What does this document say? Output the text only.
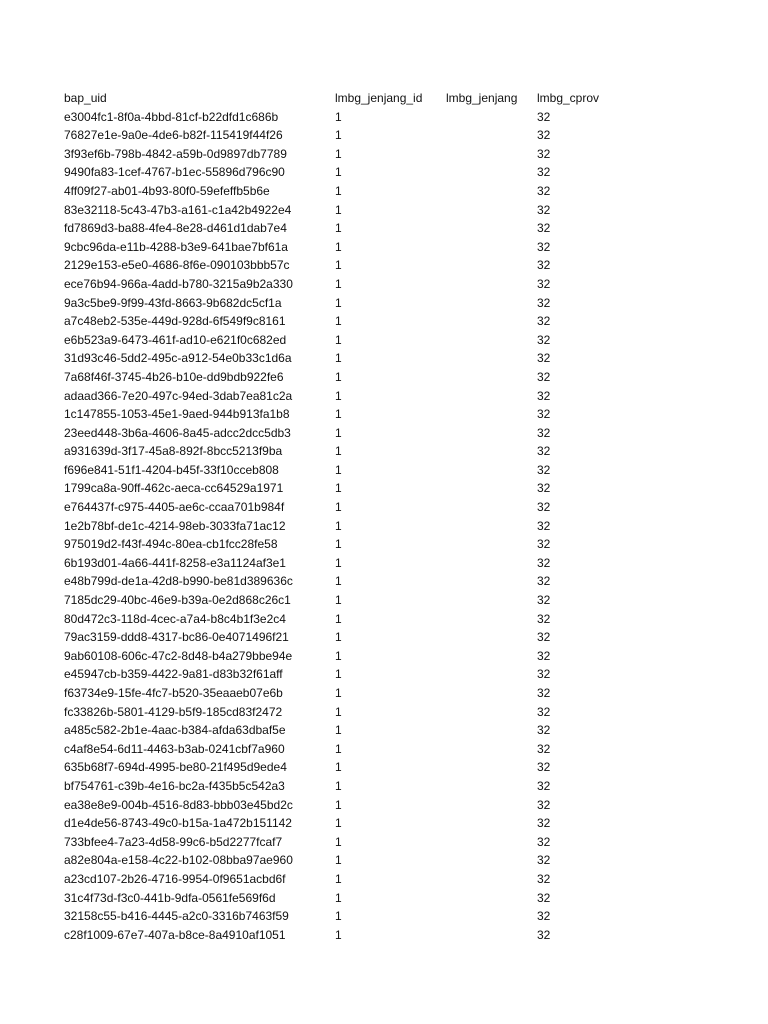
bap_uid	lmbg_jenjang_id	lmbg_jenjang	lmbg_cprov
e3004fc1-8f0a-4bbd-81cf-b22dfd1c686b	1		32
76827e1e-9a0e-4de6-b82f-115419f44f26	1		32
3f93ef6b-798b-4842-a59b-0d9897db7789	1		32
9490fa83-1cef-4767-b1ec-55896d796c90	1		32
4ff09f27-ab01-4b93-80f0-59efeffb5b6e	1		32
83e32118-5c43-47b3-a161-c1a42b4922e4	1		32
fd7869d3-ba88-4fe4-8e28-d461d1dab7e4	1		32
9cbc96da-e11b-4288-b3e9-641bae7bf61a	1		32
2129e153-e5e0-4686-8f6e-090103bbb57c	1		32
ece76b94-966a-4add-b780-3215a9b2a330	1		32
9a3c5be9-9f99-43fd-8663-9b682dc5cf1a	1		32
a7c48eb2-535e-449d-928d-6f549f9c8161	1		32
e6b523a9-6473-461f-ad10-e621f0c682ed	1		32
31d93c46-5dd2-495c-a912-54e0b33c1d6a	1		32
7a68f46f-3745-4b26-b10e-dd9bdb922fe6	1		32
adaad366-7e20-497c-94ed-3dab7ea81c2a	1		32
1c147855-1053-45e1-9aed-944b913fa1b8	1		32
23eed448-3b6a-4606-8a45-adcc2dcc5db3	1		32
a931639d-3f17-45a8-892f-8bcc5213f9ba	1		32
f696e841-51f1-4204-b45f-33f10cceb808	1		32
1799ca8a-90ff-462c-aeca-cc64529a1971	1		32
e764437f-c975-4405-ae6c-ccaa701b984f	1		32
1e2b78bf-de1c-4214-98eb-3033fa71ac12	1		32
975019d2-f43f-494c-80ea-cb1fcc28fe58	1		32
6b193d01-4a66-441f-8258-e3a1124af3e1	1		32
e48b799d-de1a-42d8-b990-be81d389636c	1		32
7185dc29-40bc-46e9-b39a-0e2d868c26c1	1		32
80d472c3-118d-4cec-a7a4-b8c4b1f3e2c4	1		32
79ac3159-ddd8-4317-bc86-0e4071496f21	1		32
9ab60108-606c-47c2-8d48-b4a279bbe94e	1		32
e45947cb-b359-4422-9a81-d83b32f61aff	1		32
f63734e9-15fe-4fc7-b520-35eaaeb07e6b	1		32
fc33826b-5801-4129-b5f9-185cd83f2472	1		32
a485c582-2b1e-4aac-b384-afda63dbaf5e	1		32
c4af8e54-6d11-4463-b3ab-0241cbf7a960	1		32
635b68f7-694d-4995-be80-21f495d9ede4	1		32
bf754761-c39b-4e16-bc2a-f435b5c542a3	1		32
ea38e8e9-004b-4516-8d83-bbb03e45bd2c	1		32
d1e4de56-8743-49c0-b15a-1a472b151142	1		32
733bfee4-7a23-4d58-99c6-b5d2277fcaf7	1		32
a82e804a-e158-4c22-b102-08bba97ae960	1		32
a23cd107-2b26-4716-9954-0f9651acbd6f	1		32
31c4f73d-f3c0-441b-9dfa-0561fe569f6d	1		32
32158c55-b416-4445-a2c0-3316b7463f59	1		32
c28f1009-67e7-407a-b8ce-8a4910af1051	1		32
